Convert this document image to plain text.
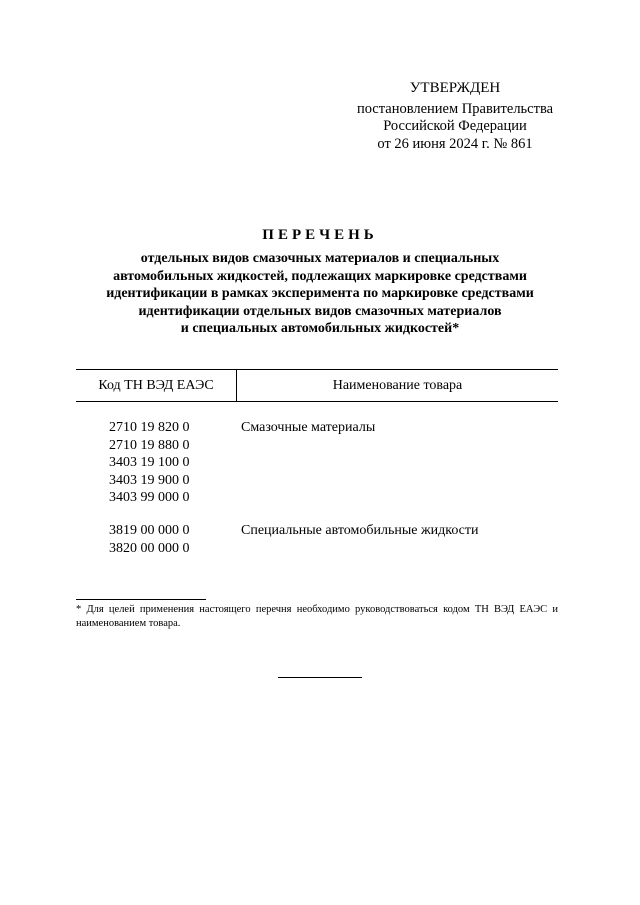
УТВЕРЖДЕН
постановлением Правительства
Российской Федерации
от 26 июня 2024 г. № 861
ПЕРЕЧЕНЬ
отдельных видов смазочных материалов и специальных
автомобильных жидкостей, подлежащих маркировке средствами
идентификации в рамках эксперимента по маркировке средствами
идентификации отдельных видов смазочных материалов
и специальных автомобильных жидкостей*
Код ТН ВЭД ЕАЭС	Наименование товара
2710 19 820 0
2710 19 880 0
3403 19 100 0
3403 19 900 0
3403 99 000 0
Смазочные материалы
3819 00 000 0
3820 00 000 0
Специальные автомобильные жидкости
* Для целей применения настоящего перечня необходимо руководствоваться кодом ТН ВЭД ЕАЭС и наименованием товара.
